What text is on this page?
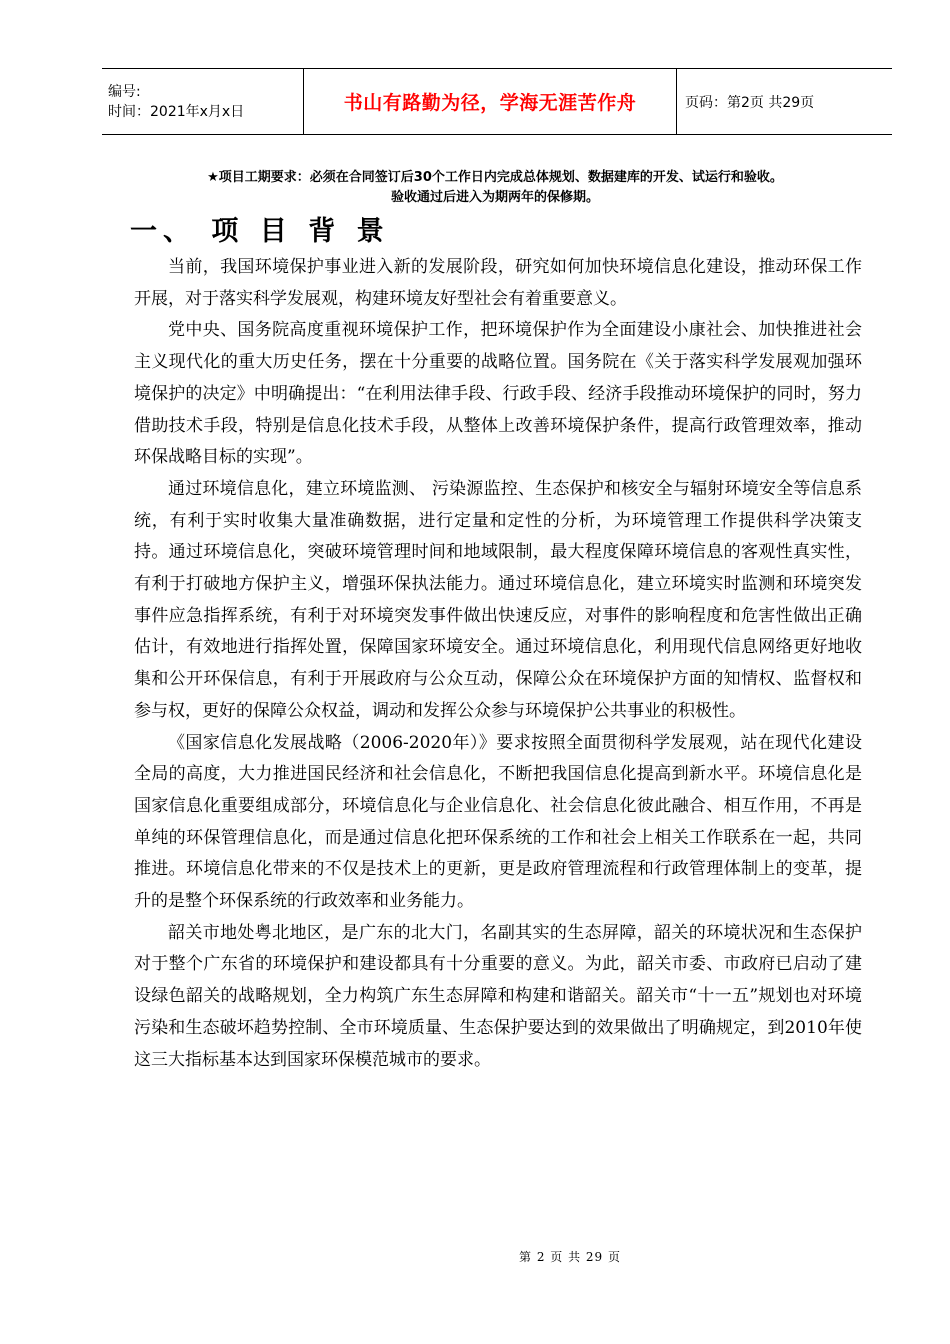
编号:
时间：2021年x月x日	书山有路勤为径，学海无涯苦作舟	页码：第2页 共29页
★项目工期要求：必须在合同签订后30个工作日内完成总体规划、数据建库的开发、试运行和验收。
验收通过后进入为期两年的保修期。
一、 项 目 背 景

当前，我国环境保护事业进入新的发展阶段，研究如何加快环境信息化建设，推动环保工作开展，对于落实科学发展观，构建环境友好型社会有着重要意义。

党中央、国务院高度重视环境保护工作，把环境保护作为全面建设小康社会、加快推进社会主义现代化的重大历史任务，摆在十分重要的战略位置。国务院在《关于落实科学发展观加强环境保护的决定》中明确提出：“在利用法律手段、行政手段、经济手段推动环境保护的同时，努力借助技术手段，特别是信息化技术手段，从整体上改善环境保护条件，提高行政管理效率，推动环保战略目标的实现”。

通过环境信息化，建立环境监测、 污染源监控、生态保护和核安全与辐射环境安全等信息系统，有利于实时收集大量准确数据，进行定量和定性的分析，为环境管理工作提供科学决策支持。通过环境信息化，突破环境管理时间和地域限制，最大程度保障环境信息的客观性真实性，有利于打破地方保护主义，增强环保执法能力。通过环境信息化，建立环境实时监测和环境突发事件应急指挥系统，有利于对环境突发事件做出快速反应，对事件的影响程度和危害性做出正确估计，有效地进行指挥处置，保障国家环境安全。通过环境信息化，利用现代信息网络更好地收集和公开环保信息，有利于开展政府与公众互动，保障公众在环境保护方面的知情权、监督权和参与权，更好的保障公众权益，调动和发挥公众参与环境保护公共事业的积极性。

《国家信息化发展战略（2006-2020年）》要求按照全面贯彻科学发展观，站在现代化建设全局的高度，大力推进国民经济和社会信息化，不断把我国信息化提高到新水平。环境信息化是国家信息化重要组成部分，环境信息化与企业信息化、社会信息化彼此融合、相互作用，不再是单纯的环保管理信息化，而是通过信息化把环保系统的工作和社会上相关工作联系在一起，共同推进。环境信息化带来的不仅是技术上的更新，更是政府管理流程和行政管理体制上的变革，提升的是整个环保系统的行政效率和业务能力。

韶关市地处粤北地区，是广东的北大门，名副其实的生态屏障，韶关的环境状况和生态保护对于整个广东省的环境保护和建设都具有十分重要的意义。为此，韶关市委、市政府已启动了建设绿色韶关的战略规划，全力构筑广东生态屏障和构建和谐韶关。韶关市“十一五”规划也对环境污染和生态破坏趋势控制、全市环境质量、生态保护要达到的效果做出了明确规定，到2010年使这三大指标基本达到国家环保模范城市的要求。

第 2 页 共 29 页
